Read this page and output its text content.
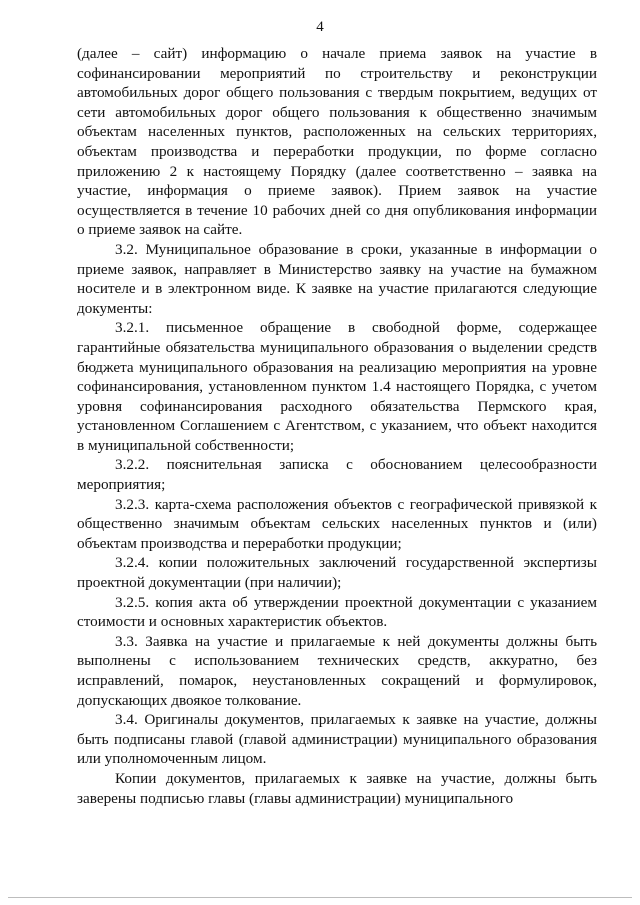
4

(далее – сайт) информацию о начале приема заявок на участие в софинансировании мероприятий по строительству и реконструкции автомобильных дорог общего пользования с твердым покрытием, ведущих от сети автомобильных дорог общего пользования к общественно значимым объектам населенных пунктов, расположенных на сельских территориях, объектам производства и переработки продукции, по форме согласно приложению 2 к настоящему Порядку (далее соответственно – заявка на участие, информация о приеме заявок). Прием заявок на участие осуществляется в течение 10 рабочих дней со дня опубликования информации о приеме заявок на сайте.

3.2. Муниципальное образование в сроки, указанные в информации о приеме заявок, направляет в Министерство заявку на участие на бумажном носителе и в электронном виде. К заявке на участие прилагаются следующие документы:

3.2.1. письменное обращение в свободной форме, содержащее гарантийные обязательства муниципального образования о выделении средств бюджета муниципального образования на реализацию мероприятия на уровне софинансирования, установленном пунктом 1.4 настоящего Порядка, с учетом уровня софинансирования расходного обязательства Пермского края, установленном Соглашением с Агентством, с указанием, что объект находится в муниципальной собственности;

3.2.2. пояснительная записка с обоснованием целесообразности мероприятия;

3.2.3. карта-схема расположения объектов с географической привязкой к общественно значимым объектам сельских населенных пунктов и (или) объектам производства и переработки продукции;

3.2.4. копии положительных заключений государственной экспертизы проектной документации (при наличии);

3.2.5. копия акта об утверждении проектной документации с указанием стоимости и основных характеристик объектов.

3.3. Заявка на участие и прилагаемые к ней документы должны быть выполнены с использованием технических средств, аккуратно, без исправлений, помарок, неустановленных сокращений и формулировок, допускающих двоякое толкование.

3.4. Оригиналы документов, прилагаемых к заявке на участие, должны быть подписаны главой (главой администрации) муниципального образования или уполномоченным лицом.

Копии документов, прилагаемых к заявке на участие, должны быть заверены подписью главы (главы администрации) муниципального
